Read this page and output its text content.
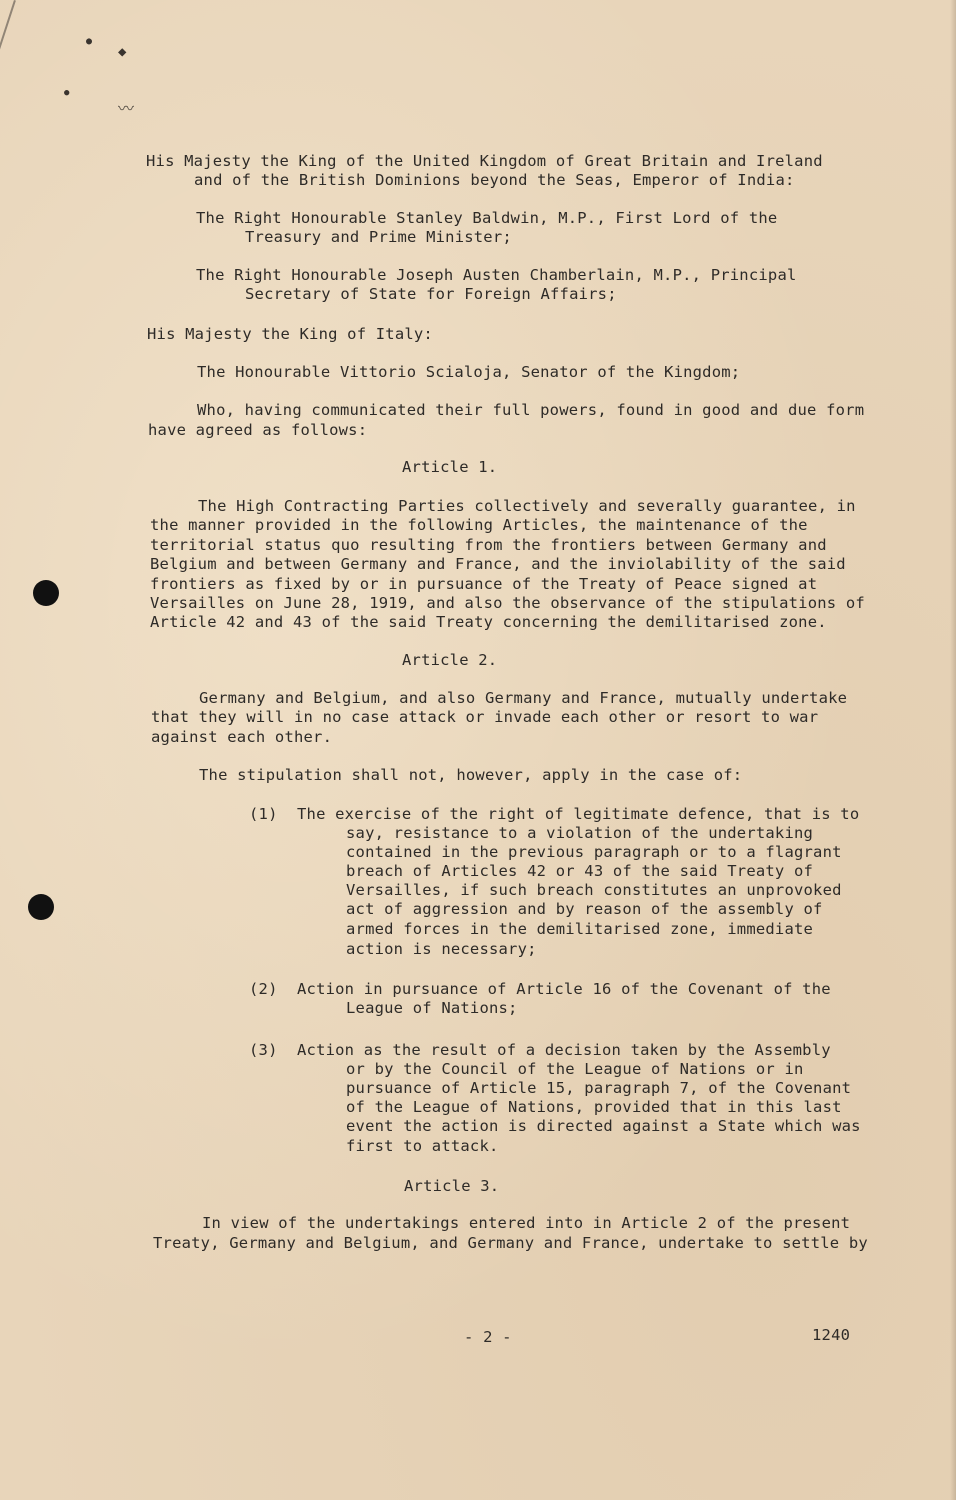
◆
●
●
〰
His Majesty the King of the United Kingdom of Great Britain and Ireland
and of the British Dominions beyond the Seas, Emperor of India:
The Right Honourable Stanley Baldwin, M.P., First Lord of the
Treasury and Prime Minister;
The Right Honourable Joseph Austen Chamberlain, M.P., Principal
Secretary of State for Foreign Affairs;
His Majesty the King of Italy:
The Honourable Vittorio Scialoja, Senator of the Kingdom;
Who, having communicated their full powers, found in good and due form
have agreed as follows:
Article 1.
The High Contracting Parties collectively and severally guarantee, in
the manner provided in the following Articles, the maintenance of the
territorial status quo resulting from the frontiers between Germany and
Belgium and between Germany and France, and the inviolability of the said
frontiers as fixed by or in pursuance of the Treaty of Peace signed at
Versailles on June 28, 1919, and also the observance of the stipulations of
Article 42 and 43 of the said Treaty concerning the demilitarised zone.
Article 2.
Germany and Belgium, and also Germany and France, mutually undertake
that they will in no case attack or invade each other or resort to war
against each other.
The stipulation shall not, however, apply in the case of:
(1) The exercise of the right of legitimate defence, that is to
say, resistance to a violation of the undertaking
contained in the previous paragraph or to a flagrant
breach of Articles 42 or 43 of the said Treaty of
Versailles, if such breach constitutes an unprovoked
act of aggression and by reason of the assembly of
armed forces in the demilitarised zone, immediate
action is necessary;
(2) Action in pursuance of Article 16 of the Covenant of the
League of Nations;
(3) Action as the result of a decision taken by the Assembly
or by the Council of the League of Nations or in
pursuance of Article 15, paragraph 7, of the Covenant
of the League of Nations, provided that in this last
event the action is directed against a State which was
first to attack.
Article 3.
In view of the undertakings entered into in Article 2 of the present
Treaty, Germany and Belgium, and Germany and France, undertake to settle by
- 2 -	1240
